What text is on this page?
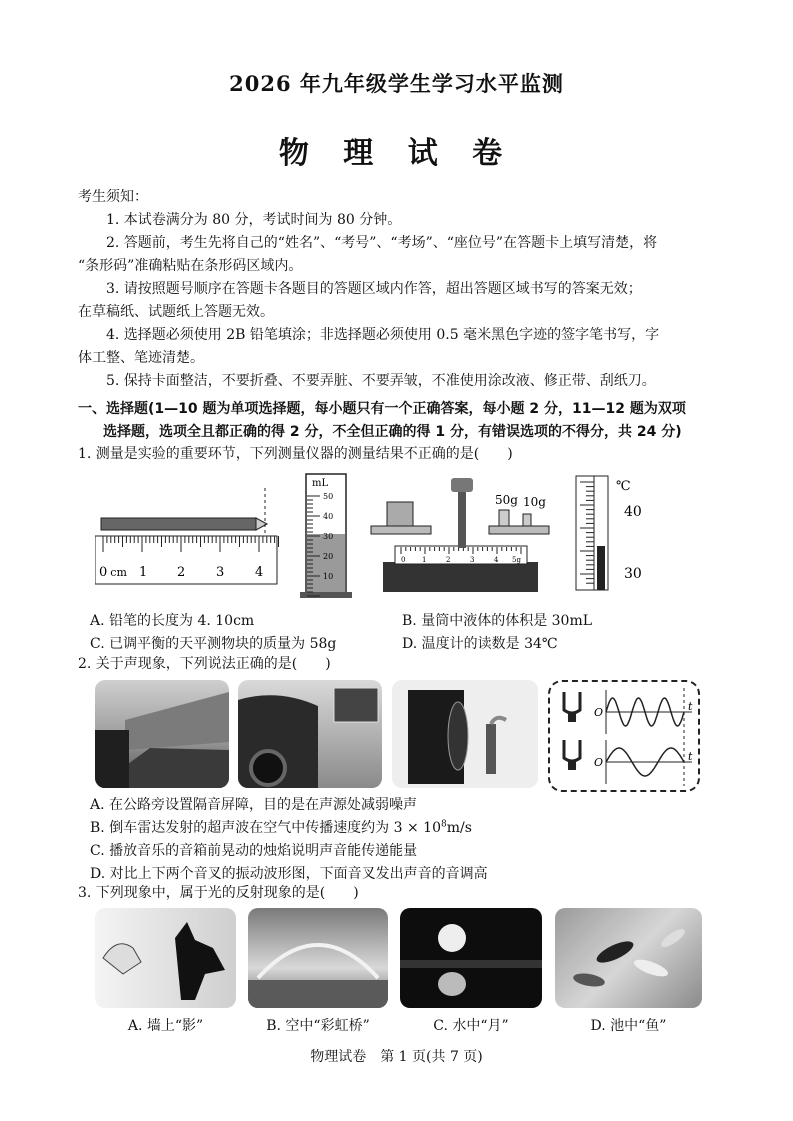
2026 年九年级学生学习水平监测
物 理 试 卷
考生须知：
1. 本试卷满分为 80 分，考试时间为 80 分钟。
2. 答题前，考生先将自己的“姓名”、“考号”、“考场”、“座位号”在答题卡上填写清楚，将
“条形码”准确粘贴在条形码区域内。
3. 请按照题号顺序在答题卡各题目的答题区域内作答，超出答题区域书写的答案无效；
在草稿纸、试题纸上答题无效。
4. 选择题必须使用 2B 铅笔填涂；非选择题必须使用 0.5 毫米黑色字迹的签字笔书写，字
体工整、笔迹清楚。
5. 保持卡面整洁，不要折叠、不要弄脏、不要弄皱，不准使用涂改液、修正带、刮纸刀。
一、选择题(1—10 题为单项选择题，每小题只有一个正确答案，每小题 2 分，11—12 题为双项
选择题，选项全且都正确的得 2 分，不全但正确的得 1 分，有错误选项的不得分，共 24 分)
1. 测量是实验的重要环节，下列测量仪器的测量结果不正确的是(　　)
0 cm 1 2 3 4
mL
50
40
30
20
10
0 1	2	3	4 5g
50g 10g
℃
40
30
A. 铅笔的长度为 4. 10cm	B. 量筒中液体的体积是 30mL
C. 已调平衡的天平测物块的质量为 58g	D. 温度计的读数是 34℃
2. 关于声现象，下列说法正确的是(　　)
O	t
O	t
A. 在公路旁设置隔音屏障，目的是在声源处减弱噪声
B. 倒车雷达发射的超声波在空气中传播速度约为 $3 \times 10^8m/s$
C. 播放音乐的音箱前晃动的烛焰说明声音能传递能量
D. 对比上下两个音叉的振动波形图，下面音叉发出声音的音调高
3. 下列现象中，属于光的反射现象的是(　　)
A. 墙上“影”	B. 空中“彩虹桥”	C. 水中“月”	D. 池中“鱼”
物理试卷　第 1 页(共 7 页)
